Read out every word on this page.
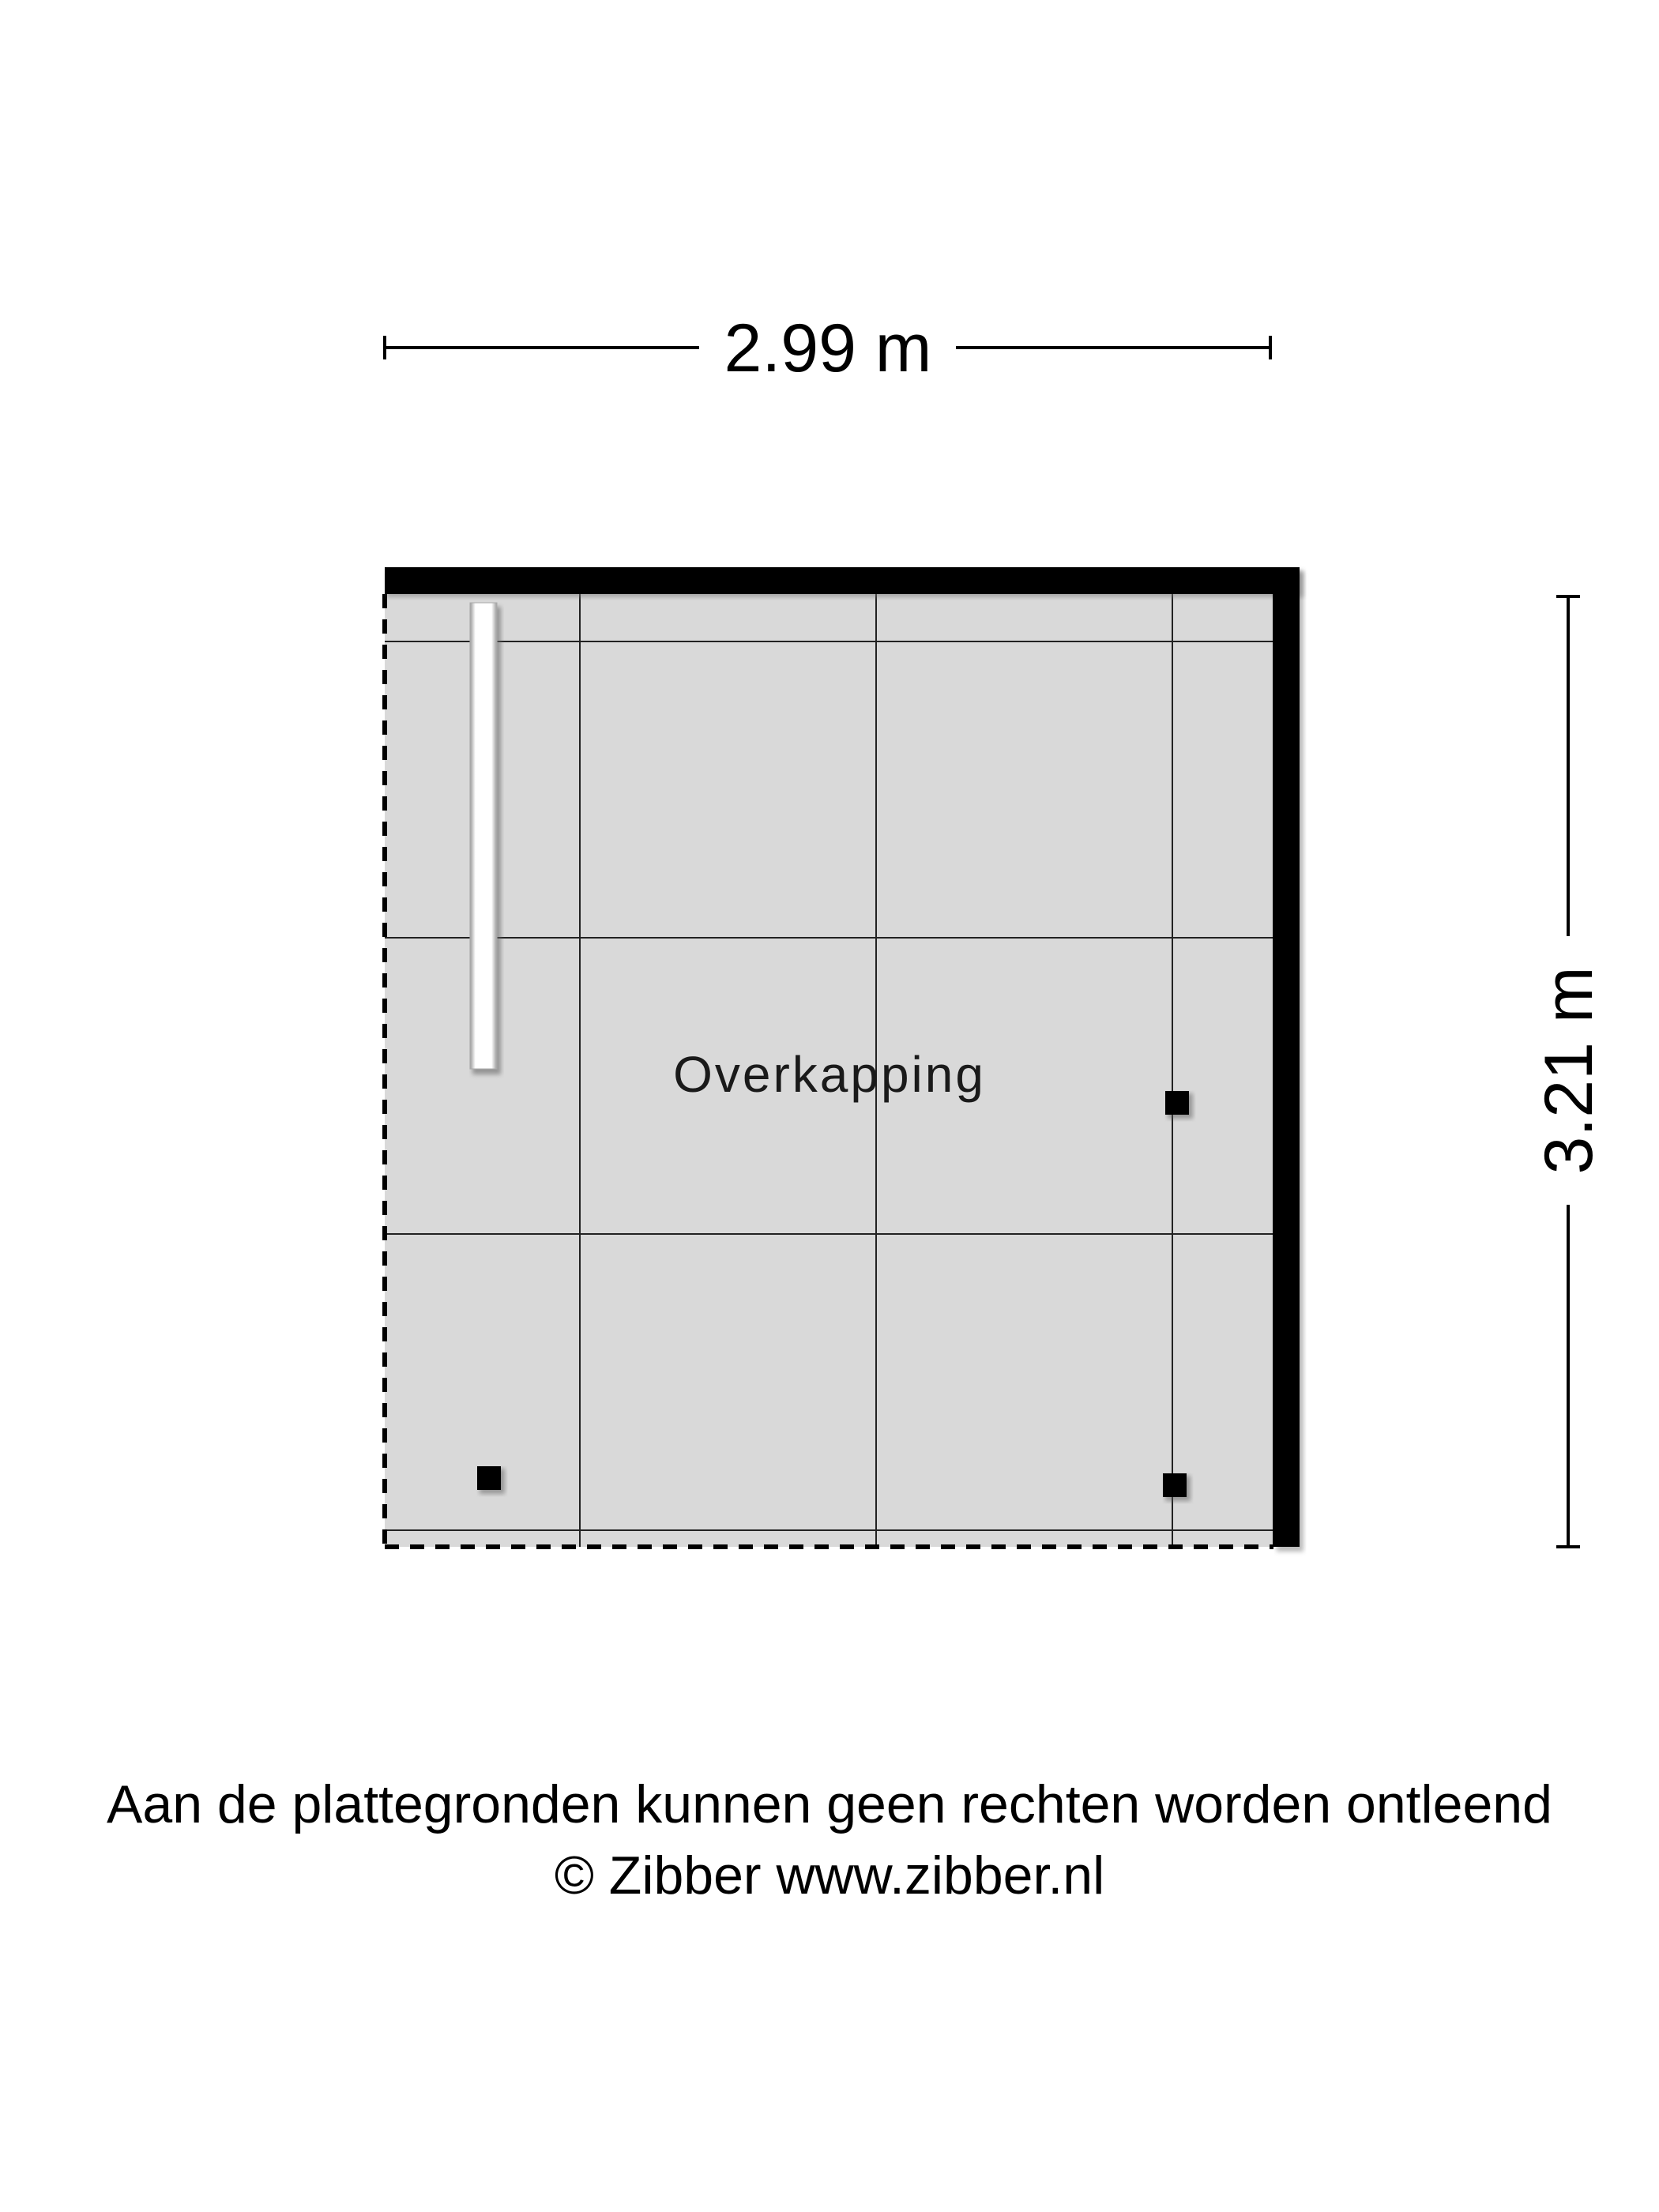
2.99 m
3.21 m
Overkapping
Aan de plattegronden kunnen geen rechten worden ontleend
© Zibber www.zibber.nl
